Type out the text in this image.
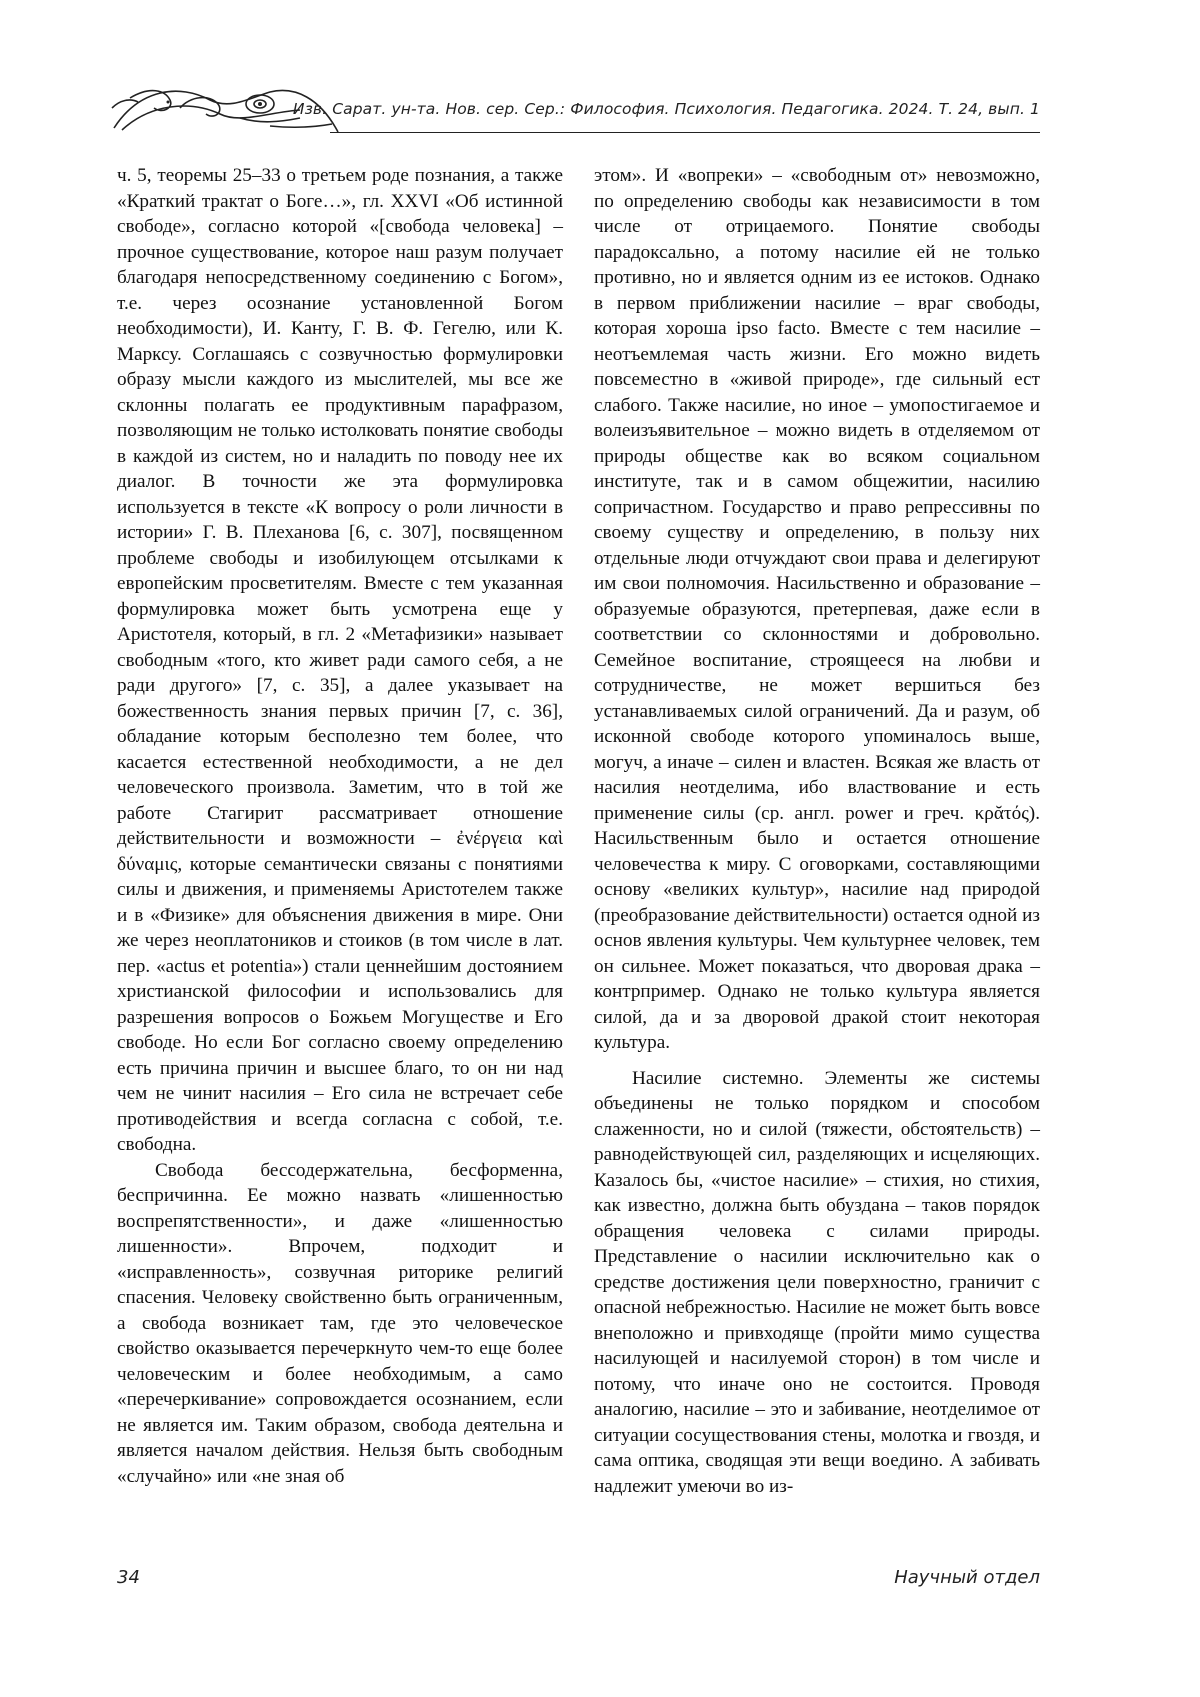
Изв. Сарат. ун-та. Нов. сер. Сер.: Философия. Психология. Педагогика. 2024. Т. 24, вып. 1

ч. 5, теоремы 25–33 о третьем роде познания, а также «Краткий трактат о Боге…», гл. XXVI «Об истинной свободе», согласно которой «[свобода человека] – прочное существование, которое наш разум получает благодаря непосредственному соединению с Богом», т.е. через осознание установленной Богом необходимости), И. Канту, Г. В. Ф. Гегелю, или К. Марксу. Соглашаясь с созвучностью формулировки образу мысли каждого из мыслителей, мы все же склонны полагать ее продуктивным парафразом, позволяющим не только истолковать понятие свободы в каждой из систем, но и наладить по поводу нее их диалог. В точности же эта формулировка используется в тексте «К вопросу о роли личности в истории» Г. В. Плеханова [6, с. 307], посвященном проблеме свободы и изобилующем отсылками к европейским просветителям. Вместе с тем указанная формулировка может быть усмотрена еще у Аристотеля, который, в гл. 2 «Метафизики» называет свободным «того, кто живет ради самого себя, а не ради другого» [7, с. 35], а далее указывает на божественность знания первых причин [7, с. 36], обладание которым бесполезно тем более, что касается естественной необходимости, а не дел человеческого произвола. Заметим, что в той же работе Стагирит рассматривает отношение действительности и возможности – ἐνέργεια καὶ δύναμις, которые семантически связаны с понятиями силы и движения, и применяемы Аристотелем также и в «Физике» для объяснения движения в мире. Они же через неоплатоников и стоиков (в том числе в лат. пер. «actus et potentia») стали ценнейшим достоянием христианской философии и использовались для разрешения вопросов о Божьем Могуществе и Его свободе. Но если Бог согласно своему определению есть причина причин и высшее благо, то он ни над чем не чинит насилия – Его сила не встречает себе противодействия и всегда согласна с собой, т.е. свободна.

Свобода бессодержательна, бесформенна, беспричинна. Ее можно назвать «лишенностью воспрепятственности», и даже «лишенностью лишенности». Впрочем, подходит и «исправленность», созвучная риторике религий спасения. Человеку свойственно быть ограниченным, а свобода возникает там, где это человеческое свойство оказывается перечеркнуто чем-то еще более человеческим и более необходимым, а само «перечеркивание» сопровождается осознанием, если не является им. Таким образом, свобода деятельна и является началом действия. Нельзя быть свободным «случайно» или «не зная об

этом». И «вопреки» – «свободным от» невозможно, по определению свободы как независимости в том числе от отрицаемого. Понятие свободы парадоксально, а потому насилие ей не только противно, но и является одним из ее истоков. Однако в первом приближении насилие – враг свободы, которая хороша ipso facto. Вместе с тем насилие – неотъемлемая часть жизни. Его можно видеть повсеместно в «живой природе», где сильный ест слабого. Также насилие, но иное – умопостигаемое и волеизъявительное – можно видеть в отделяемом от природы обществе как во всяком социальном институте, так и в самом общежитии, насилию сопричастном. Государство и право репрессивны по своему существу и определению, в пользу них отдельные люди отчуждают свои права и делегируют им свои полномочия. Насильственно и образование – образуемые образуются, претерпевая, даже если в соответствии со склонностями и добровольно. Семейное воспитание, строящееся на любви и сотрудничестве, не может вершиться без устанавливаемых силой ограничений. Да и разум, об исконной свободе которого упоминалось выше, могуч, а иначе – силен и властен. Всякая же власть от насилия неотделима, ибо властвование и есть применение силы (ср. англ. power и греч. κρᾰτός). Насильственным было и остается отношение человечества к миру. С оговорками, составляющими основу «великих культур», насилие над природой (преобразование действительности) остается одной из основ явления культуры. Чем культурнее человек, тем он сильнее. Может показаться, что дворовая драка – контрпример. Однако не только культура является силой, да и за дворовой дракой стоит некоторая культура.

Насилие системно. Элементы же системы объединены не только порядком и способом слаженности, но и силой (тяжести, обстоятельств) – равнодействующей сил, разделяющих и исцеляющих. Казалось бы, «чистое насилие» – стихия, но стихия, как известно, должна быть обуздана – таков порядок обращения человека с силами природы. Представление о насилии исключительно как о средстве достижения цели поверхностно, граничит с опасной небрежностью. Насилие не может быть вовсе внеположно и привходяще (пройти мимо существа насилующей и насилуемой сторон) в том числе и потому, что иначе оно не состоится. Проводя аналогию, насилие – это и забивание, неотделимое от ситуации сосуществования стены, молотка и гвоздя, и сама оптика, сводящая эти вещи воедино. А забивать надлежит умеючи во из-

34	Научный отдел
